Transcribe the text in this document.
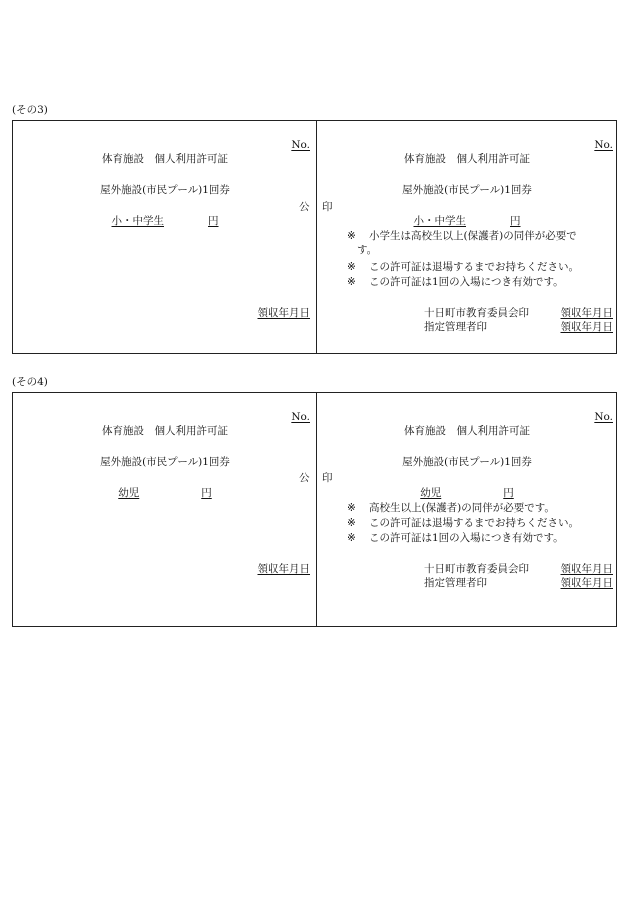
(その3)
No.
体育施設　個人利用許可証
屋外施設(市民プール)1回券
小・中学生	円
領収年月日
公 印
No.
体育施設　個人利用許可証
屋外施設(市民プール)1回券
小・中学生	円
※ 小学生は高校生以上(保護者)の同伴が必要で
す。
※ この許可証は退場するまでお持ちください。
※ この許可証は1回の入場につき有効です。
十日町市教育委員会印	領収年月日
指定管理者印	領収年月日
(その4)
No.
体育施設　個人利用許可証
屋外施設(市民プール)1回券
幼児	円
領収年月日
公 印
No.
体育施設　個人利用許可証
屋外施設(市民プール)1回券
幼児	円
※ 高校生以上(保護者)の同伴が必要です。
※ この許可証は退場するまでお持ちください。
※ この許可証は1回の入場につき有効です。
十日町市教育委員会印	領収年月日
指定管理者印	領収年月日
